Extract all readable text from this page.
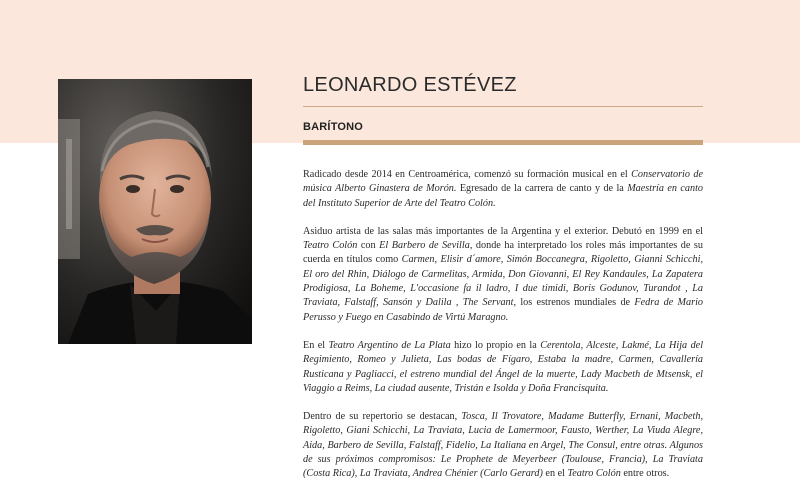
LEONARDO ESTÉVEZ
BARÍTONO

Radicado desde 2014 en Centroamérica, comenzó su formación musical en el Conservatorio de música Alberto Ginastera de Morón. Egresado de la carrera de canto y de la Maestría en canto del Instituto Superior de Arte del Teatro Colón.

Asiduo artista de las salas más importantes de la Argentina y el exterior. Debutó en 1999 en el Teatro Colón con El Barbero de Sevilla, donde ha interpretado los roles más importantes de su cuerda en títulos como Carmen, Elisir d´amore, Simón Boccanegra, Rigoletto, Gianni Schicchi, El oro del Rhin, Diálogo de Carmelitas, Armida, Don Giovanni, El Rey Kandaules, La Zapatera Prodigiosa, La Boheme, L'occasione fa il ladro, I due timidi, Boris Godunov, Turandot , La Traviata, Falstaff, Sansón y Dalila , The Servant, los estrenos mundiales de Fedra de Mario Perusso y Fuego en Casabindo de Virtú Maragno.

En el Teatro Argentino de La Plata hizo lo propio en la Cerentola, Alceste, Lakmé, La Hija del Regimiento, Romeo y Julieta, Las bodas de Fígaro, Estaba la madre, Carmen, Cavallería Rusticana y Pagliacci, el estreno mundial del Ángel de la muerte, Lady Macbeth de Mtsensk, el Viaggio a Reims, La ciudad ausente, Tristán e Isolda y Doña Francisquita.

Dentro de su repertorio se destacan, Tosca, Il Trovatore, Madame Butterfly, Ernani, Macbeth, Rigoletto, Giani Schicchi, La Traviata, Lucia de Lamermoor, Fausto, Werther, La Viuda Alegre, Aida, Barbero de Sevilla, Falstaff, Fidelio, La Italiana en Argel, The Consul, entre otras. Algunos de sus próximos compromisos: Le Prophete de Meyerbeer (Toulouse, Francia), La Traviata (Costa Rica), La Traviata, Andrea Chénier (Carlo Gerard) en el Teatro Colón entre otros.
